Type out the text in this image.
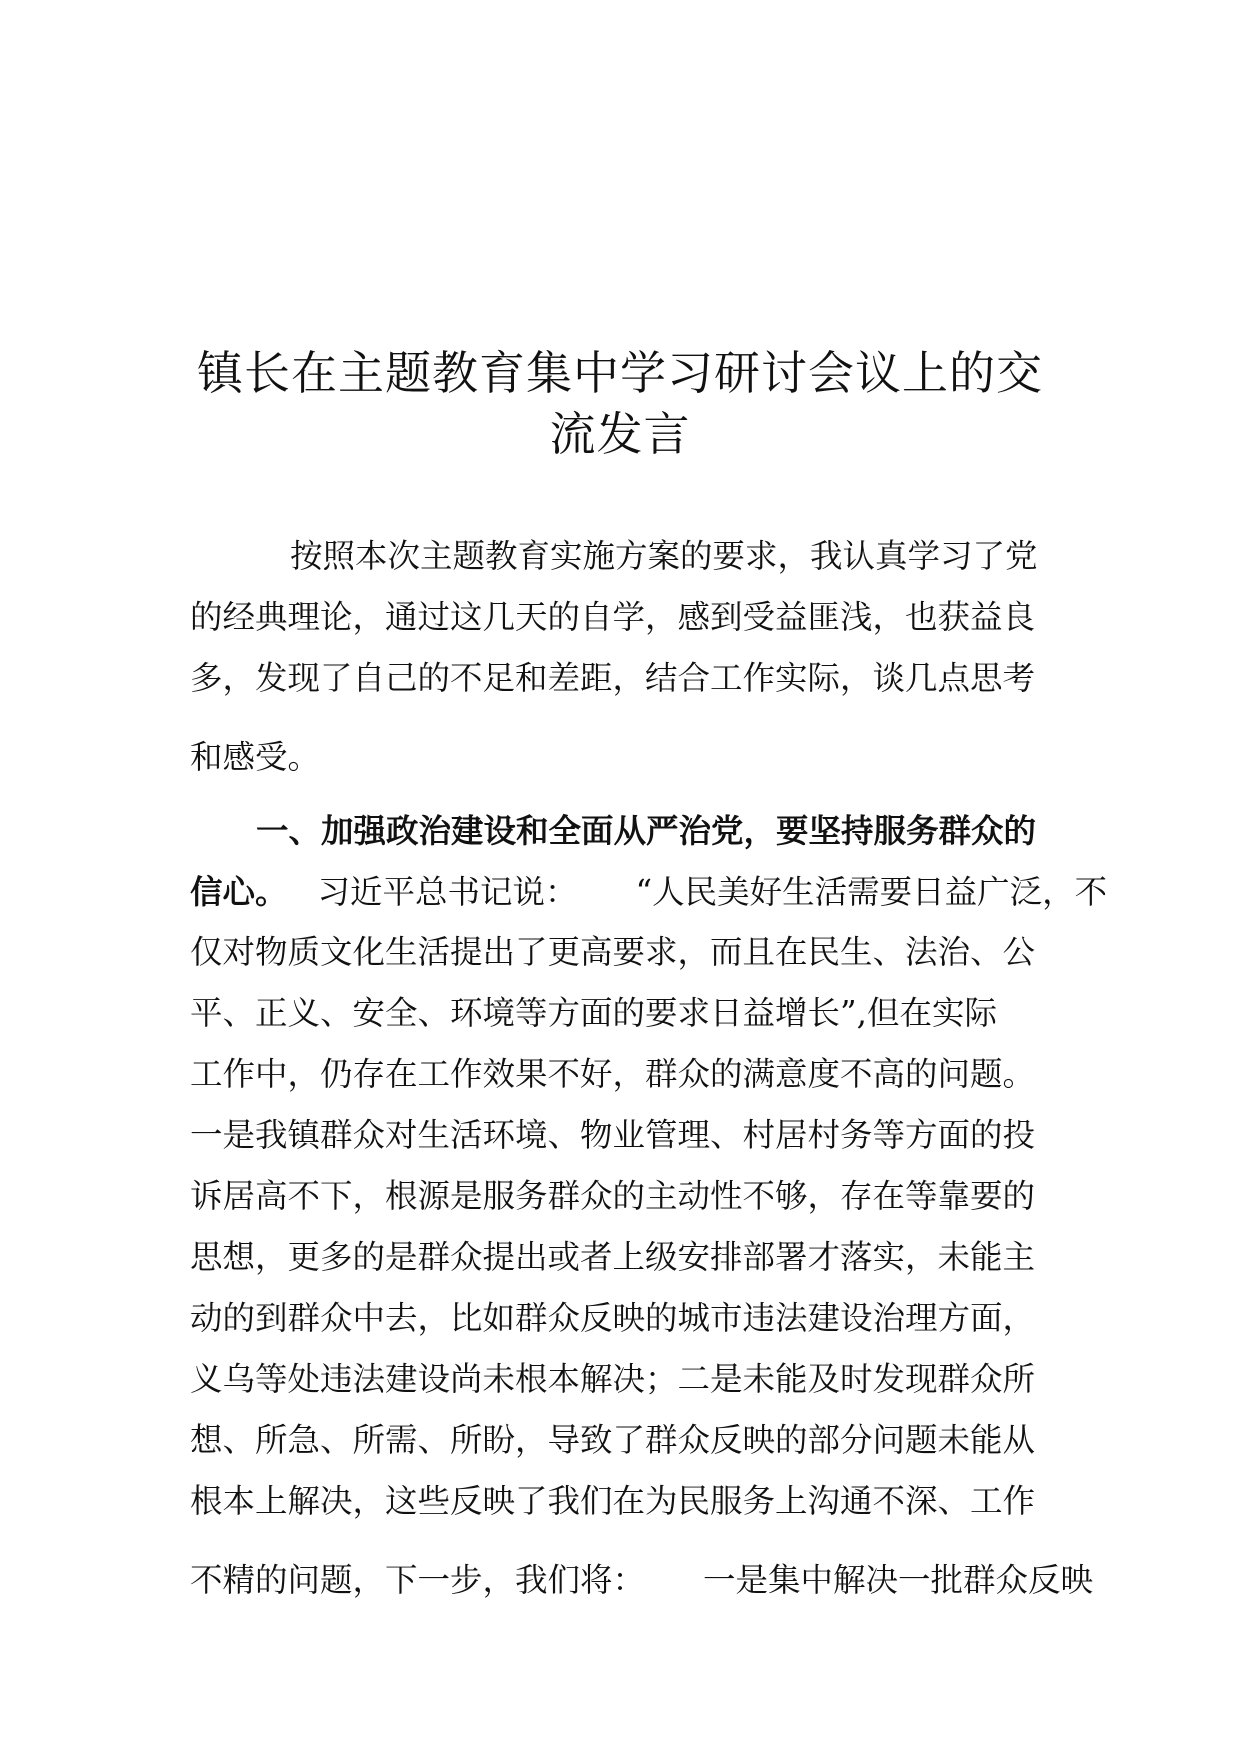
镇长在主题教育集中学习研讨会议上的交
流发言
按照本次主题教育实施方案的要求，我认真学习了党
的经典理论，通过这几天的自学，感到受益匪浅，也获益良
多，发现了自己的不足和差距，结合工作实际，谈几点思考
和感受。
一、加强政治建设和全面从严治党，要坚持服务群众的
信心。 习近平总书记说： “人民美好生活需要日益广泛，不
仅对物质文化生活提出了更高要求，而且在民生、法治、公
平、正义、安全、环境等方面的要求日益增长”,但在实际
工作中，仍存在工作效果不好，群众的满意度不高的问题。
一是我镇群众对生活环境、物业管理、村居村务等方面的投
诉居高不下，根源是服务群众的主动性不够，存在等靠要的
思想，更多的是群众提出或者上级安排部署才落实，未能主
动的到群众中去，比如群众反映的城市违法建设治理方面，
义乌等处违法建设尚未根本解决；二是未能及时发现群众所
想、所急、所需、所盼，导致了群众反映的部分问题未能从
根本上解决，这些反映了我们在为民服务上沟通不深、工作
不精的问题，下一步，我们将： 一是集中解决一批群众反映
